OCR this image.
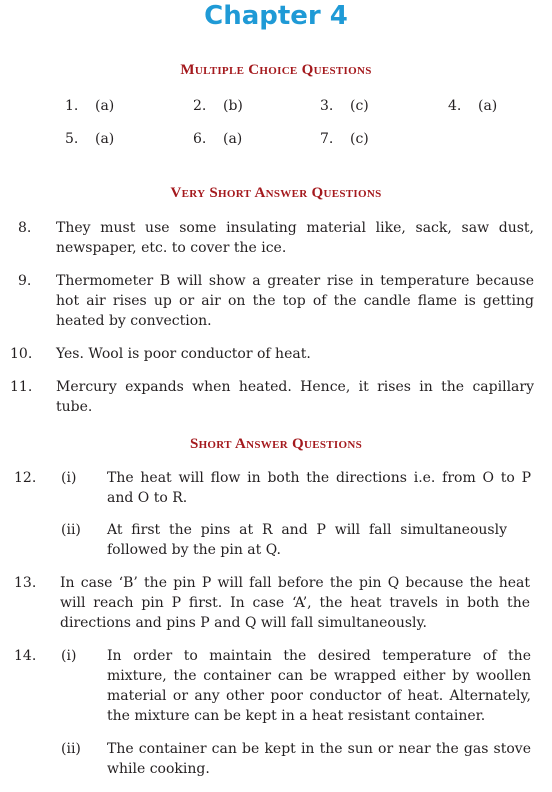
Chapter 4
Multiple Choice Questions
1. (a)	2. (b)	3. (c)	4. (a)
5. (a)	6. (a)	7. (c)
Very Short Answer Questions
8. They must use some insulating material like, sack, saw dust, newspaper, etc. to cover the ice.
9. Thermometer B will show a greater rise in temperature because hot air rises up or air on the top of the candle flame is getting heated by convection.
10. Yes. Wool is poor conductor of heat.
11. Mercury expands when heated. Hence, it rises in the capillary tube.
Short Answer Questions
12. (i) The heat will flow in both the directions i.e. from O to P and O to R.
(ii) At first the pins at R and P will fall simultaneously followed by the pin at Q.
13. In case ‘B’ the pin P will fall before the pin Q because the heat will reach pin P first. In case ‘A’, the heat travels in both the directions and pins P and Q will fall simultaneously.
14. (i) In order to maintain the desired temperature of the mixture, the container can be wrapped either by woollen material or any other poor conductor of heat. Alternately, the mixture can be kept in a heat resistant container.
(ii) The container can be kept in the sun or near the gas stove while cooking.
